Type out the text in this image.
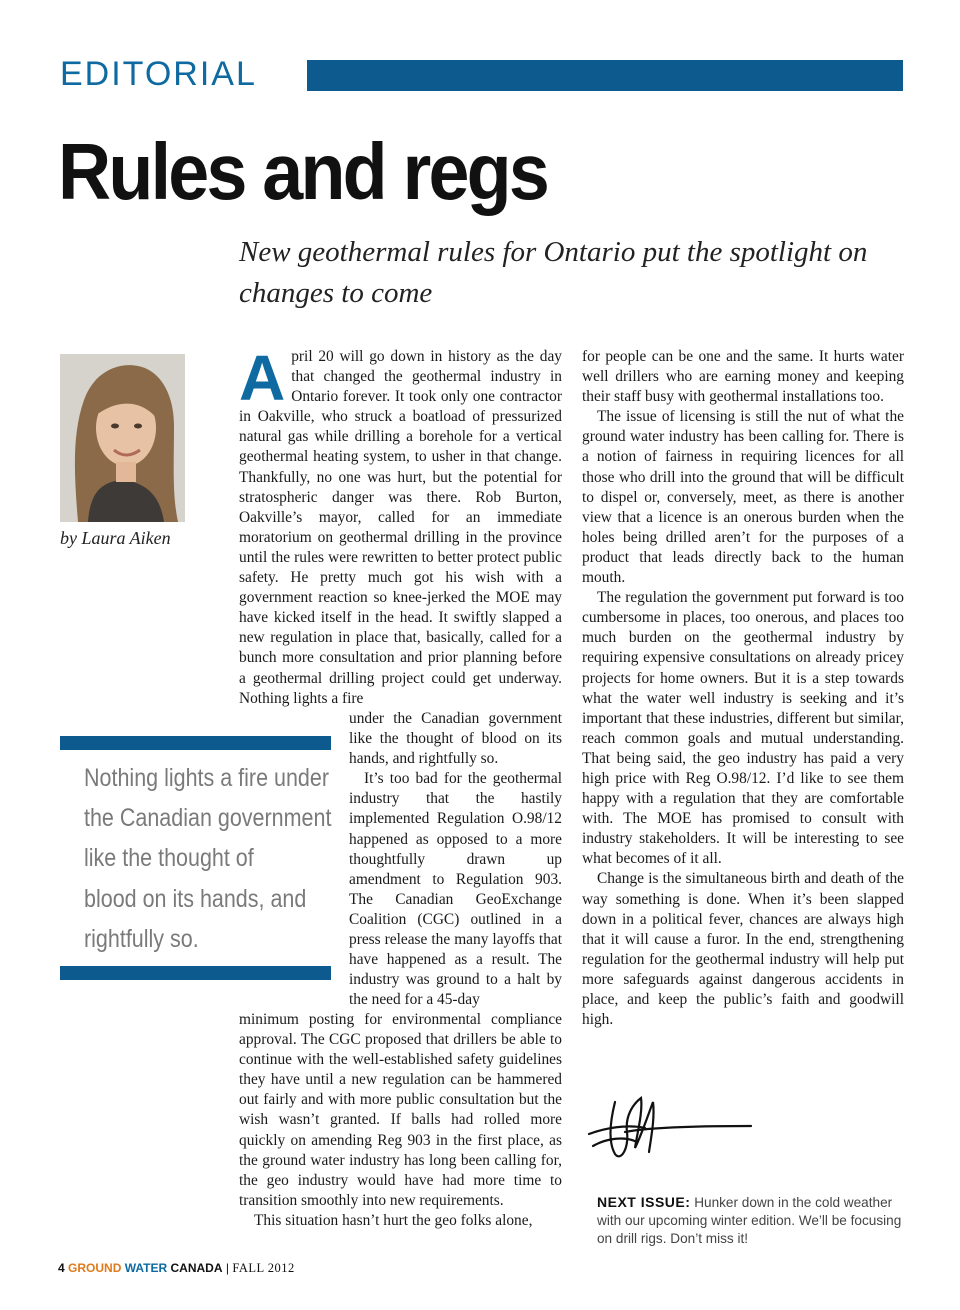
EDITORIAL
Rules and regs
New geothermal rules for Ontario put the spotlight on changes to come
by Laura Aiken

April 20 will go down in history as the day that changed the geothermal industry in Ontario forever. It took only one contractor in Oakville, who struck a boatload of pressurized natural gas while drilling a borehole for a vertical geothermal heating system, to usher in that change. Thankfully, no one was hurt, but the potential for stratospheric danger was there. Rob Burton, Oakville’s mayor, called for an immediate moratorium on geothermal drilling in the province until the rules were rewritten to better protect public safety. He pretty much got his wish with a government reaction so knee-jerked the MOE may have kicked itself in the head. It swiftly slapped a new regulation in place that, basically, called for a bunch more consultation and prior planning before a geothermal drilling project could get underway. Nothing lights a fire

under the Canadian government like the thought of blood on its hands, and rightfully so.

It’s too bad for the geothermal industry that the hastily implemented Regulation O.98/12 happened as opposed to a more thoughtfully drawn up amendment to Regulation 903. The Canadian GeoExchange Coalition (CGC) outlined in a press release the many layoffs that have happened as a result. The industry was ground to a halt by the need for a 45-day

minimum posting for environmental compliance approval. The CGC proposed that drillers be able to continue with the well-established safety guidelines they have until a new regulation can be hammered out fairly and with more public consultation but the wish wasn’t granted. If balls had rolled more quickly on amending Reg 903 in the first place, as the ground water industry has long been calling for, the geo industry would have had more time to transition smoothly into new requirements.

This situation hasn’t hurt the geo folks alone,

for people can be one and the same. It hurts water well drillers who are earning money and keeping their staff busy with geothermal installations too.

The issue of licensing is still the nut of what the ground water industry has been calling for. There is a notion of fairness in requiring licences for all those who drill into the ground that will be difficult to dispel or, conversely, meet, as there is another view that a licence is an onerous burden when the holes being drilled aren’t for the purposes of a product that leads directly back to the human mouth.

The regulation the government put forward is too cumbersome in places, too onerous, and places too much burden on the geothermal industry by requiring expensive consultations on already pricey projects for home owners. But it is a step towards what the water well industry is seeking and it’s important that these industries, different but similar, reach common goals and mutual understanding. That being said, the geo industry has paid a very high price with Reg O.98/12. I’d like to see them happy with a regulation that they are comfortable with. The MOE has promised to consult with industry stakeholders. It will be interesting to see what becomes of it all.

Change is the simultaneous birth and death of the way something is done. When it’s been slapped down in a political fever, chances are always high that it will cause a furor. In the end, strengthening regulation for the geothermal industry will help put more safeguards against dangerous accidents in place, and keep the public’s faith and goodwill high.

Nothing lights a fire under
the Canadian government
like the thought of
blood on its hands, and
rightfully so.
NEXT ISSUE: Hunker down in the cold weather with our upcoming winter edition. We’ll be focusing on drill rigs. Don’t miss it!
4 GROUND WATER CANADA | FALL 2012
